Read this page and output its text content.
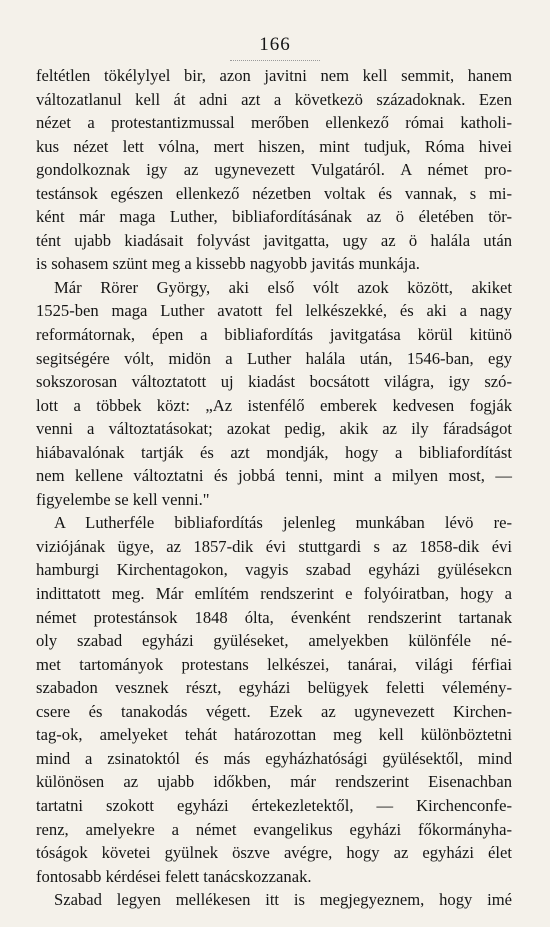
166
feltétlen tökélylyel bir, azon javitni nem kell semmit, hanem
változatlanul kell át adni azt a következö századoknak. Ezen
nézet a protestantizmussal merőben ellenkező római katholi-
kus nézet lett vólna, mert hiszen, mint tudjuk, Róma hivei
gondolkoznak igy az ugynevezett Vulgatáról. A német pro-
testánsok egészen ellenkező nézetben voltak és vannak, s mi-
ként már maga Luther, bibliafordításának az ö életében tör-
tént ujabb kiadásait folyvást javitgatta, ugy az ö halála után
is sohasem szünt meg a kissebb nagyobb javitás munkája.
Már Rörer György, aki első vólt azok között, akiket
1525-ben maga Luther avatott fel lelkészekké, és aki a nagy
reformátornak, épen a bibliafordítás javitgatása körül kitünö
segitségére vólt, midön a Luther halála után, 1546-ban, egy
sokszorosan változtatott uj kiadást bocsátott világra, igy szó-
lott a többek közt: „Az istenfélő emberek kedvesen fogják
venni a változtatásokat; azokat pedig, akik az ily fáradságot
hiábavalónak tartják és azt mondják, hogy a bibliafordítást
nem kellene változtatni és jobbá tenni, mint a milyen most, —
figyelembe se kell venni."
A Lutherféle bibliafordítás jelenleg munkában lévö re-
viziójának ügye, az 1857-dik évi stuttgardi s az 1858-dik évi
hamburgi Kirchentagokon, vagyis szabad egyházi gyülésekcn
indittatott meg. Már említém rendszerint e folyóiratban, hogy a
német protestánsok 1848 ólta, évenként rendszerint tartanak
oly szabad egyházi gyüléseket, amelyekben különféle né-
met tartományok protestans lelkészei, tanárai, világi férfiai
szabadon vesznek részt, egyházi belügyek feletti vélemény-
csere és tanakodás végett. Ezek az ugynevezett Kirchen-
tag-ok, amelyeket tehát határozottan meg kell különböztetni
mind a zsinatoktól és más egyházhatósági gyülésektől, mind
különösen az ujabb időkben, már rendszerint Eisenachban
tartatni szokott egyházi értekezletektől, — Kirchenconfe-
renz, amelyekre a német evangelikus egyházi főkormányha-
tóságok követei gyülnek öszve avégre, hogy az egyházi élet
fontosabb kérdései felett tanácskozzanak.
Szabad legyen mellékesen itt is megjegyeznem, hogy imé
